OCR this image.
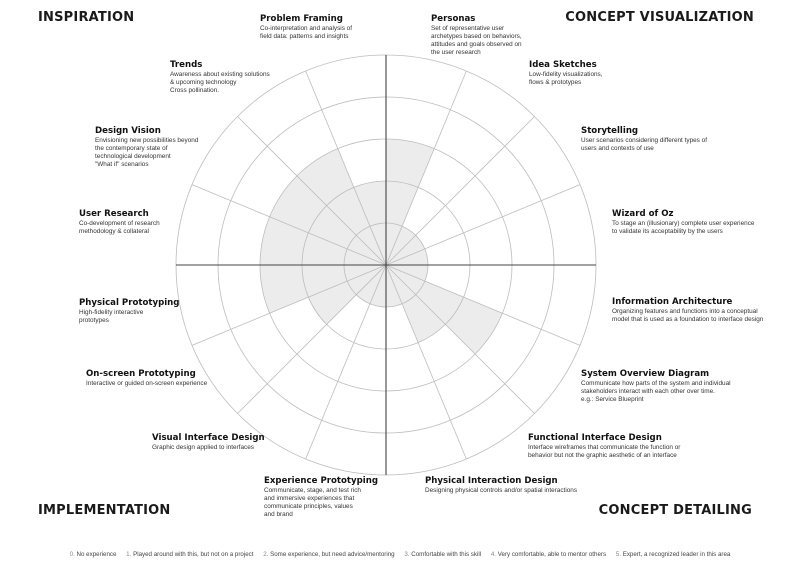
INSPIRATION	CONCEPT VISUALIZATION
IMPLEMENTATION	CONCEPT DETAILING
Personas
Set of representative user
archetypes based on behaviors,
attitudes and goals observed on
the user research
Idea Sketches
Low-fidelity visualizations,
flows & prototypes
Storytelling
User scenarios considering different types of
users and contexts of use
Wizard of Oz
To stage an (illusionary) complete user experience
to validate its acceptability by the users
Information Architecture
Organizing features and functions into a conceptual
model that is used as a foundation to interface design
System Overview Diagram
Communicate how parts of the system and individual
stakeholders interact with each other over time.
e.g.: Service Blueprint
Functional Interface Design
Interface wireframes that communicate the function or
behavior but not the graphic aesthetic of an interface
Physical Interaction Design
Designing physical controls and/or spatial interactions
Experience Prototyping
Communicate, stage, and test rich
and immersive experiences that
communicate principles, values
and brand
Visual Interface Design
Graphic design applied to interfaces
On-screen Prototyping
Interactive or guided on-screen experience
Physical Prototyping
High-fidelity interactive
prototypes
User Research
Co-development of research
methodology & collateral
Design Vision
Envisioning new possibilities beyond
the contemporary state of
technological development
"What if" scenarios
Trends
Awareness about existing solutions
& upcoming technology
Cross pollination.
Problem Framing
Co-interpretation and analysis of
field data: patterns and insights
0. No experience 1. Played around with this, but not on a project 2. Some experience, but need advice/mentoring 3. Comfortable with this skill 4. Very comfortable, able to mentor others 5. Expert, a recognized leader in this area
